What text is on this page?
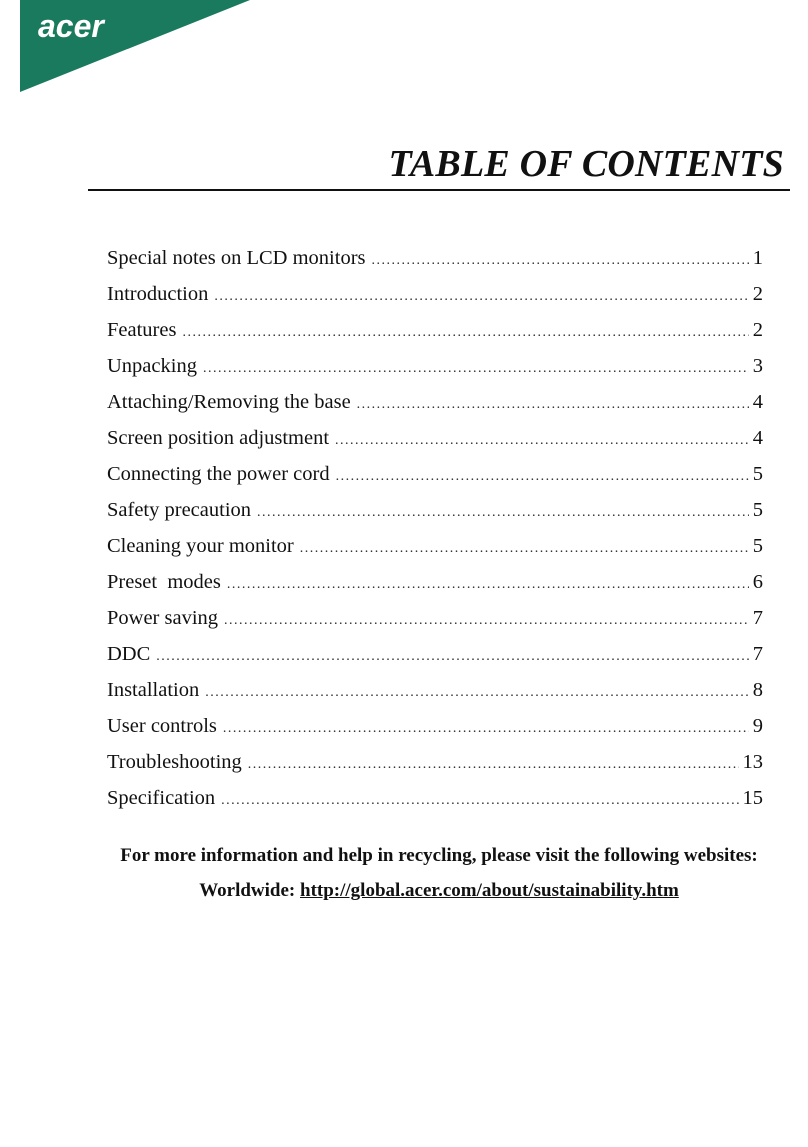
acer
TABLE OF CONTENTS
Special notes on LCD monitors .....	1
Introduction .....	2
Features .....	2
Unpacking .....	3
Attaching/Removing the base .....	4
Screen position adjustment .....	4
Connecting the power cord .....	5
Safety precaution .....	5
Cleaning your monitor .....	5
Preset  modes .....	6
Power saving .....	7
DDC .....	7
Installation .....	8
User controls .....	9
Troubleshooting .....	13
Specification .....	15
For more information and help in recycling, please visit the following websites:
Worldwide: http://global.acer.com/about/sustainability.htm
